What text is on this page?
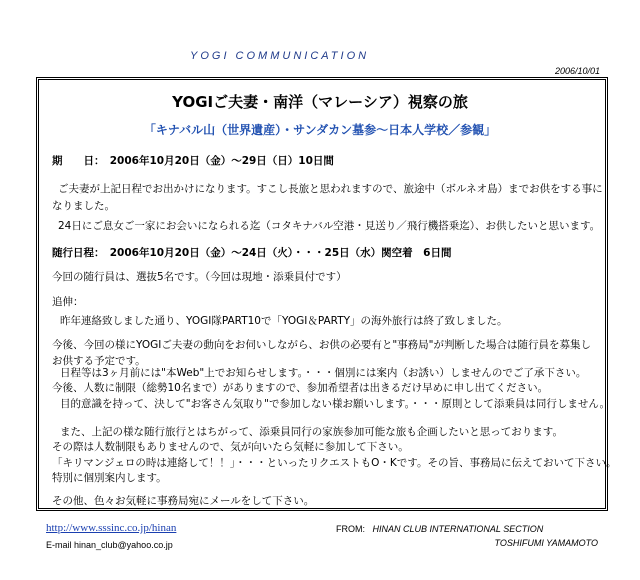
YOGI COMMUNICATION
2006/10/01
YOGIご夫妻・南洋（マレーシア）視察の旅
「キナバル山（世界遺産）・サンダカン墓参～日本人学校／参観」
期　　日：　2006年10月20日（金）～29日（日）10日間
ご夫妻が上記日程でお出かけになります。すこし長旅と思われますので、旅途中（ボルネオ島）までお供をする事に
なりました。
24日にご息女ご一家にお会いになられる迄（コタキナバル空港・見送り／飛行機搭乗迄）、お供したいと思います。
随行日程：　2006年10月20日（金）～24日（火）・・・25日（水）関空着　6日間
今回の随行員は、選抜5名です。（今回は現地・添乗員付です）
追伸：
昨年連絡致しました通り、YOGI隊PART10で「YOGI＆PARTY」の海外旅行は終了致しました。
今後、今回の様にYOGIご夫妻の動向をお伺いしながら、お供の必要有と"事務局"が判断した場合は随行員を募集し
お供する予定です。
日程等は3ヶ月前には"本Web"上でお知らせします。・・・個別には案内（お誘い）しませんのでご了承下さい。
今後、人数に制限（総勢10名まで）がありますので、参加希望者は出きるだけ早めに申し出てください。
目的意識を持って、決して"お客さん気取り"で参加しない様お願いします。・・・原則として添乗員は同行しません。
また、上記の様な随行旅行とはちがって、添乗員同行の家族参加可能な旅も企画したいと思っております。
その際は人数制限もありませんので、気が向いたら気軽に参加して下さい。
「キリマンジェロの時は連絡して！！」・・・といったリクエストもO・Kです。その旨、事務局に伝えておいて下さい。
特別に個別案内します。
その他、色々お気軽に事務局宛にメールをして下さい。
http://www.sssinc.co.jp/hinan
E-mail hinan_club@yahoo.co.jp
FROM: HINAN CLUB INTERNATIONAL SECTION
TOSHIFUMI YAMAMOTO
